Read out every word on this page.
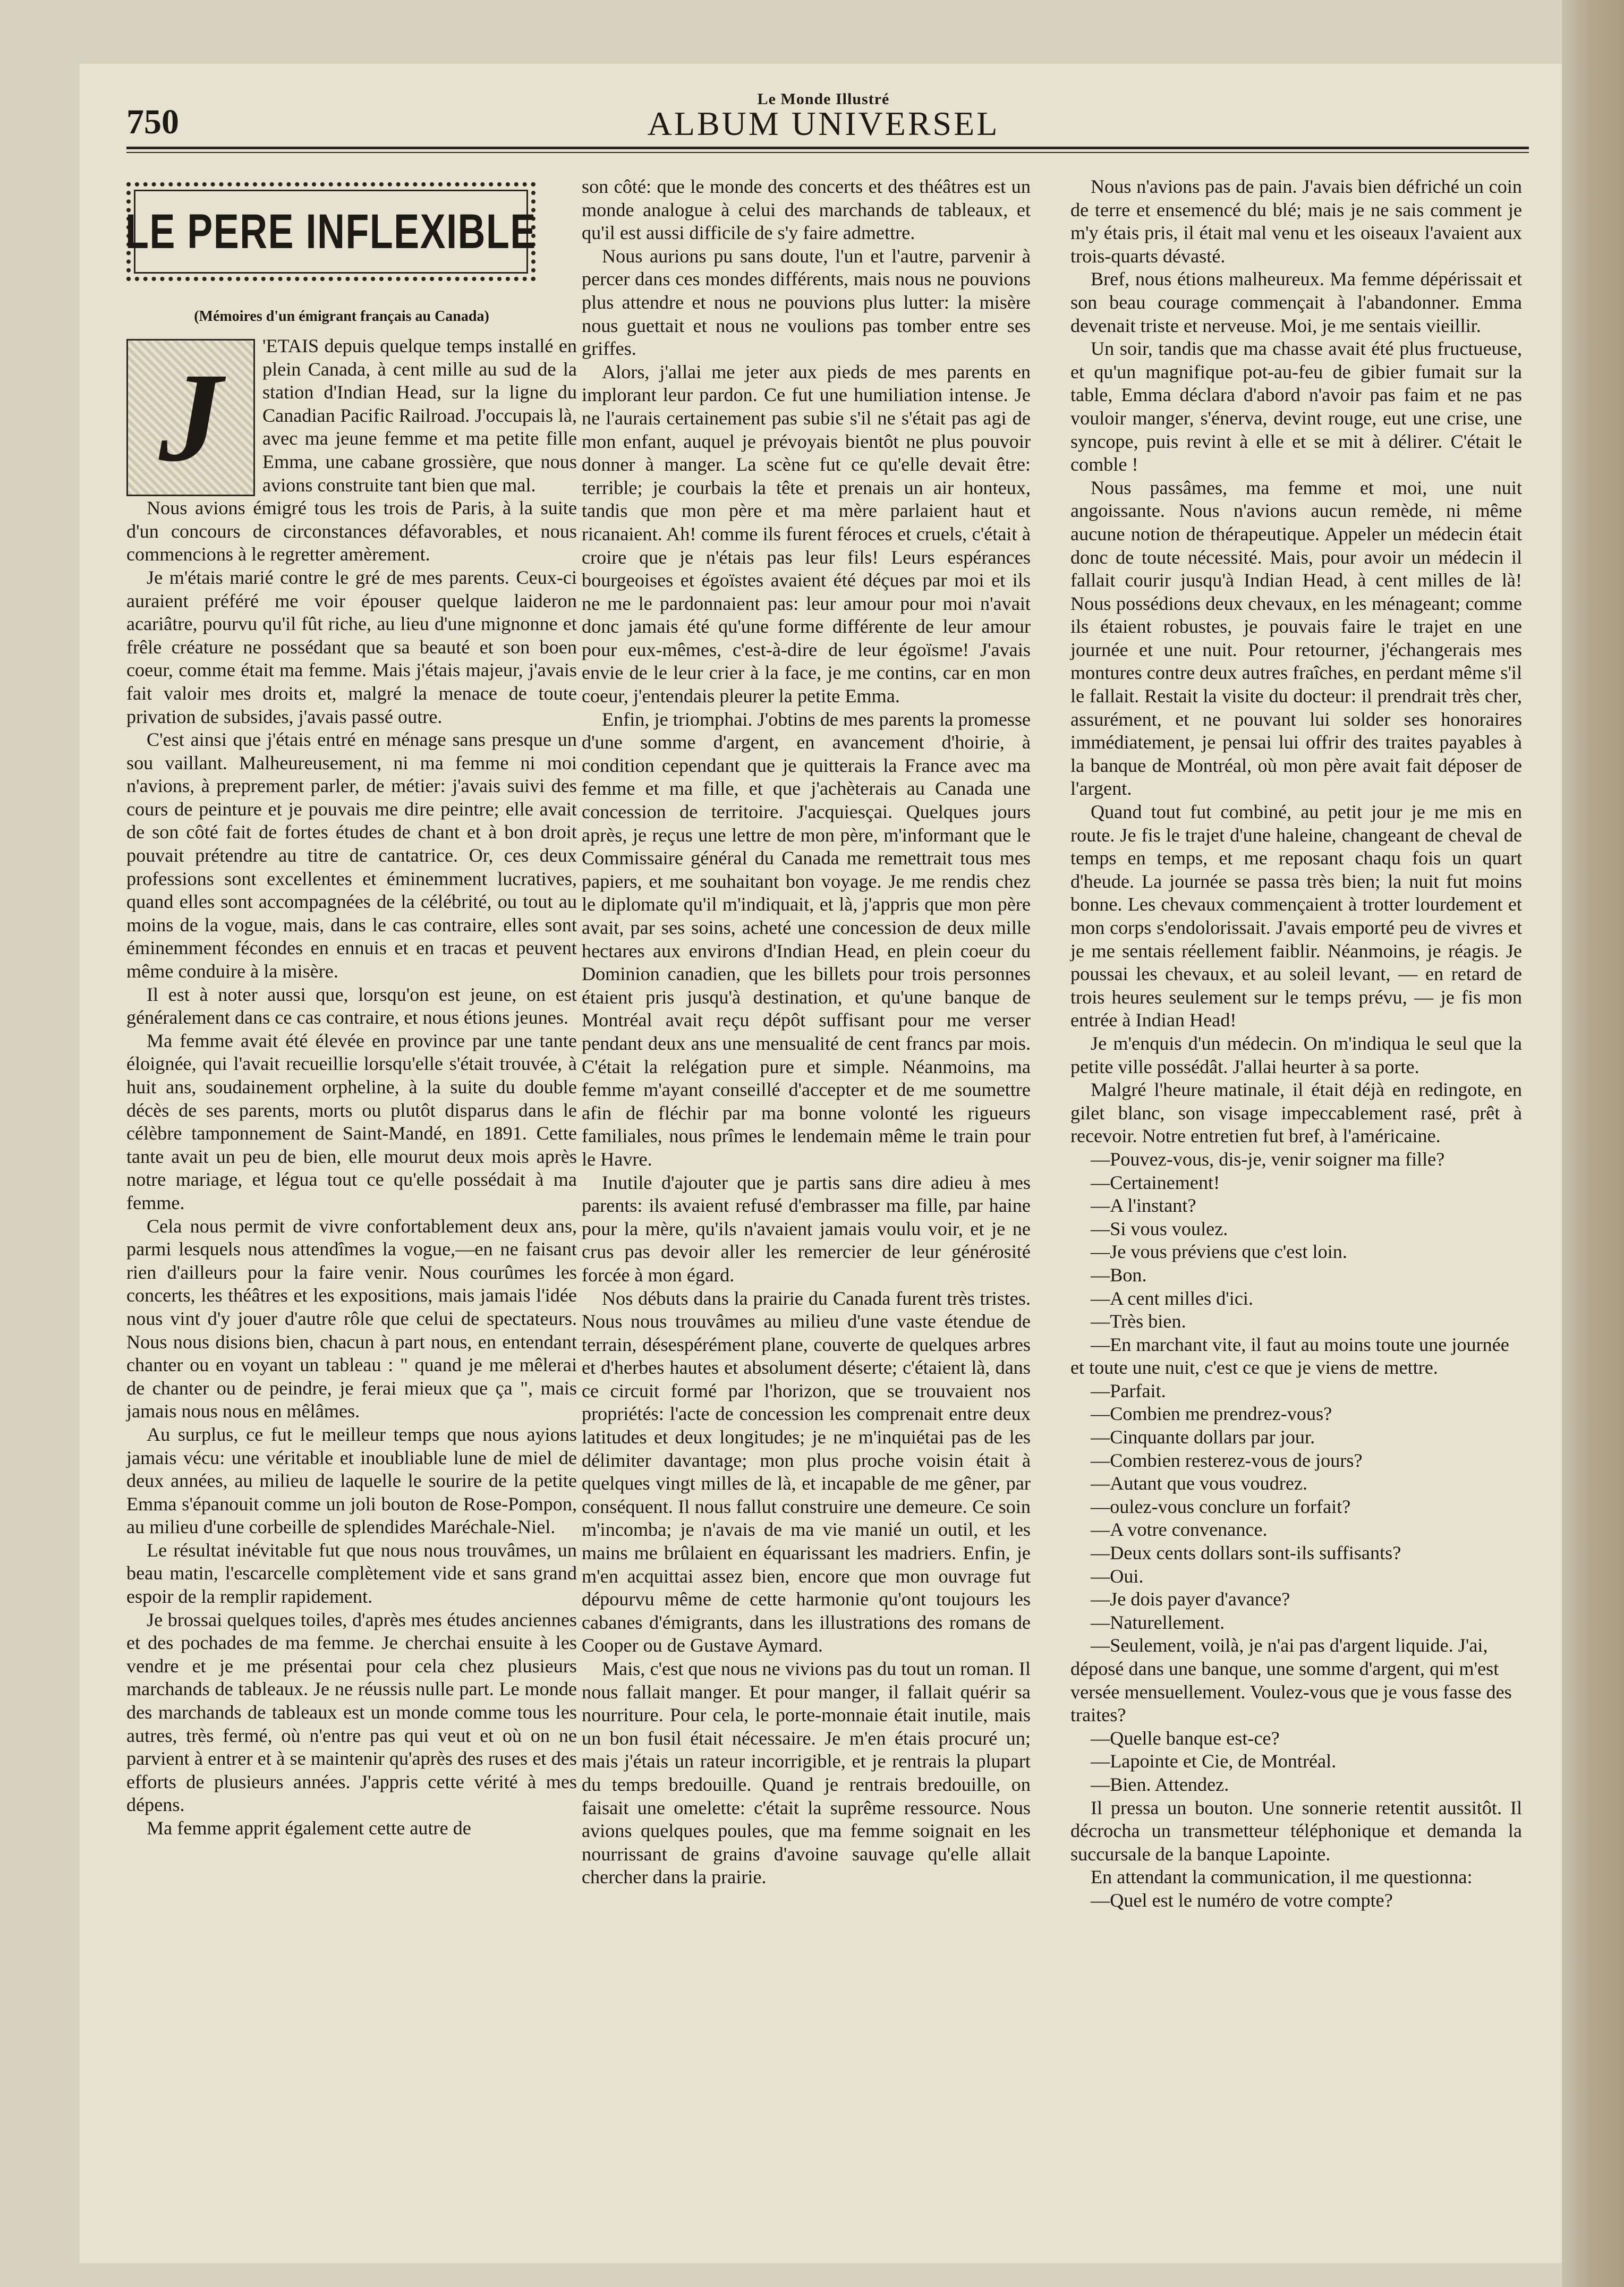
Le Monde Illustré
750	ALBUM UNIVERSEL
LE PERE INFLEXIBLE
(Mémoires d'un émigrant français au Canada)
J

'ETAIS depuis quelque temps installé en plein Canada, à cent mille au sud de la station d'Indian Head, sur la ligne du Canadian Pacific Railroad. J'occupais là, avec ma jeune femme et ma petite fille Emma, une cabane grossière, que nous avions construite tant bien que mal.

Nous avions émigré tous les trois de Paris, à la suite d'un concours de circonstances défavorables, et nous commencions à le regretter amèrement.

Je m'étais marié contre le gré de mes parents. Ceux-ci auraient préféré me voir épouser quelque laideron acariâtre, pourvu qu'il fût riche, au lieu d'une mignonne et frêle créature ne possédant que sa beauté et son boen coeur, comme était ma femme. Mais j'étais majeur, j'avais fait valoir mes droits et, malgré la menace de toute privation de subsides, j'avais passé outre.

C'est ainsi que j'étais entré en ménage sans presque un sou vaillant. Malheureusement, ni ma femme ni moi n'avions, à preprement parler, de métier: j'avais suivi des cours de peinture et je pouvais me dire peintre; elle avait de son côté fait de fortes études de chant et à bon droit pouvait prétendre au titre de cantatrice. Or, ces deux professions sont excellentes et éminemment lucratives, quand elles sont accompagnées de la célébrité, ou tout au moins de la vogue, mais, dans le cas contraire, elles sont éminemment fécondes en ennuis et en tracas et peuvent même conduire à la misère.

Il est à noter aussi que, lorsqu'on est jeune, on est généralement dans ce cas contraire, et nous étions jeunes.

Ma femme avait été élevée en province par une tante éloignée, qui l'avait recueillie lorsqu'elle s'était trouvée, à huit ans, soudainement orpheline, à la suite du double décès de ses parents, morts ou plutôt disparus dans le célèbre tamponnement de Saint-Mandé, en 1891. Cette tante avait un peu de bien, elle mourut deux mois après notre mariage, et légua tout ce qu'elle possédait à ma femme.

Cela nous permit de vivre confortablement deux ans, parmi lesquels nous attendîmes la vogue,—en ne faisant rien d'ailleurs pour la faire venir. Nous courûmes les concerts, les théâtres et les expositions, mais jamais l'idée nous vint d'y jouer d'autre rôle que celui de spectateurs. Nous nous disions bien, chacun à part nous, en entendant chanter ou en voyant un tableau : " quand je me mêlerai de chanter ou de peindre, je ferai mieux que ça ", mais jamais nous nous en mêlâmes.

Au surplus, ce fut le meilleur temps que nous ayions jamais vécu: une véritable et inoubliable lune de miel de deux années, au milieu de laquelle le sourire de la petite Emma s'épanouit comme un joli bouton de Rose-Pompon, au milieu d'une corbeille de splendides Maréchale-Niel.

Le résultat inévitable fut que nous nous trouvâmes, un beau matin, l'escarcelle complètement vide et sans grand espoir de la remplir rapidement.

Je brossai quelques toiles, d'après mes études anciennes et des pochades de ma femme. Je cherchai ensuite à les vendre et je me présentai pour cela chez plusieurs marchands de tableaux. Je ne réussis nulle part. Le monde des marchands de tableaux est un monde comme tous les autres, très fermé, où n'entre pas qui veut et où on ne parvient à entrer et à se maintenir qu'après des ruses et des efforts de plusieurs années. J'appris cette vérité à mes dépens.

Ma femme apprit également cette autre de

son côté: que le monde des concerts et des théâtres est un monde analogue à celui des marchands de tableaux, et qu'il est aussi difficile de s'y faire admettre.

Nous aurions pu sans doute, l'un et l'autre, parvenir à percer dans ces mondes différents, mais nous ne pouvions plus attendre et nous ne pouvions plus lutter: la misère nous guettait et nous ne voulions pas tomber entre ses griffes.

Alors, j'allai me jeter aux pieds de mes parents en implorant leur pardon. Ce fut une humiliation intense. Je ne l'aurais certainement pas subie s'il ne s'était pas agi de mon enfant, auquel je prévoyais bientôt ne plus pouvoir donner à manger. La scène fut ce qu'elle devait être: terrible; je courbais la tête et prenais un air honteux, tandis que mon père et ma mère parlaient haut et ricanaient. Ah! comme ils furent féroces et cruels, c'était à croire que je n'étais pas leur fils! Leurs espérances bourgeoises et égoïstes avaient été déçues par moi et ils ne me le pardonnaient pas: leur amour pour moi n'avait donc jamais été qu'une forme différente de leur amour pour eux-mêmes, c'est-à-dire de leur égoïsme! J'avais envie de le leur crier à la face, je me contins, car en mon coeur, j'entendais pleurer la petite Emma.

Enfin, je triomphai. J'obtins de mes parents la promesse d'une somme d'argent, en avancement d'hoirie, à condition cependant que je quitterais la France avec ma femme et ma fille, et que j'achèterais au Canada une concession de territoire. J'acquiesçai. Quelques jours après, je reçus une lettre de mon père, m'informant que le Commissaire général du Canada me remettrait tous mes papiers, et me souhaitant bon voyage. Je me rendis chez le diplomate qu'il m'indiquait, et là, j'appris que mon père avait, par ses soins, acheté une concession de deux mille hectares aux environs d'Indian Head, en plein coeur du Dominion canadien, que les billets pour trois personnes étaient pris jusqu'à destination, et qu'une banque de Montréal avait reçu dépôt suffisant pour me verser pendant deux ans une mensualité de cent francs par mois. C'était la relégation pure et simple. Néanmoins, ma femme m'ayant conseillé d'accepter et de me soumettre afin de fléchir par ma bonne volonté les rigueurs familiales, nous prîmes le lendemain même le train pour le Havre.

Inutile d'ajouter que je partis sans dire adieu à mes parents: ils avaient refusé d'embrasser ma fille, par haine pour la mère, qu'ils n'avaient jamais voulu voir, et je ne crus pas devoir aller les remercier de leur générosité forcée à mon égard.

Nos débuts dans la prairie du Canada furent très tristes. Nous nous trouvâmes au milieu d'une vaste étendue de terrain, désespérément plane, couverte de quelques arbres et d'herbes hautes et absolument déserte; c'étaient là, dans ce circuit formé par l'horizon, que se trouvaient nos propriétés: l'acte de concession les comprenait entre deux latitudes et deux longitudes; je ne m'inquiétai pas de les délimiter davantage; mon plus proche voisin était à quelques vingt milles de là, et incapable de me gêner, par conséquent. Il nous fallut construire une demeure. Ce soin m'incomba; je n'avais de ma vie manié un outil, et les mains me brûlaient en équarissant les madriers. Enfin, je m'en acquittai assez bien, encore que mon ouvrage fut dépourvu même de cette harmonie qu'ont toujours les cabanes d'émigrants, dans les illustrations des romans de Cooper ou de Gustave Aymard.

Mais, c'est que nous ne vivions pas du tout un roman. Il nous fallait manger. Et pour manger, il fallait quérir sa nourriture. Pour cela, le porte-monnaie était inutile, mais un bon fusil était nécessaire. Je m'en étais procuré un; mais j'étais un rateur incorrigible, et je rentrais la plupart du temps bredouille. Quand je rentrais bredouille, on faisait une omelette: c'était la suprême ressource. Nous avions quelques poules, que ma femme soignait en les nourrissant de grains d'avoine sauvage qu'elle allait chercher dans la prairie.

Nous n'avions pas de pain. J'avais bien défriché un coin de terre et ensemencé du blé; mais je ne sais comment je m'y étais pris, il était mal venu et les oiseaux l'avaient aux trois-quarts dévasté.

Bref, nous étions malheureux. Ma femme dépérissait et son beau courage commençait à l'abandonner. Emma devenait triste et nerveuse. Moi, je me sentais vieillir.

Un soir, tandis que ma chasse avait été plus fructueuse, et qu'un magnifique pot-au-feu de gibier fumait sur la table, Emma déclara d'abord n'avoir pas faim et ne pas vouloir manger, s'énerva, devint rouge, eut une crise, une syncope, puis revint à elle et se mit à délirer. C'était le comble !

Nous passâmes, ma femme et moi, une nuit angoissante. Nous n'avions aucun remède, ni même aucune notion de thérapeutique. Appeler un médecin était donc de toute nécessité. Mais, pour avoir un médecin il fallait courir jusqu'à Indian Head, à cent milles de là! Nous possédions deux chevaux, en les ménageant; comme ils étaient robustes, je pouvais faire le trajet en une journée et une nuit. Pour retourner, j'échangerais mes montures contre deux autres fraîches, en perdant même s'il le fallait. Restait la visite du docteur: il prendrait très cher, assurément, et ne pouvant lui solder ses honoraires immédiatement, je pensai lui offrir des traites payables à la banque de Montréal, où mon père avait fait déposer de l'argent.

Quand tout fut combiné, au petit jour je me mis en route. Je fis le trajet d'une haleine, changeant de cheval de temps en temps, et me reposant chaqu fois un quart d'heude. La journée se passa très bien; la nuit fut moins bonne. Les chevaux commençaient à trotter lourdement et mon corps s'endolorissait. J'avais emporté peu de vivres et je me sentais réellement faiblir. Néanmoins, je réagis. Je poussai les chevaux, et au soleil levant, — en retard de trois heures seulement sur le temps prévu, — je fis mon entrée à Indian Head!

Je m'enquis d'un médecin. On m'indiqua le seul que la petite ville possédât. J'allai heurter à sa porte.

Malgré l'heure matinale, il était déjà en redingote, en gilet blanc, son visage impeccablement rasé, prêt à recevoir. Notre entretien fut bref, à l'américaine.

—Pouvez-vous, dis-je, venir soigner ma fille?

—Certainement!

—A l'instant?

—Si vous voulez.

—Je vous préviens que c'est loin.

—Bon.

—A cent milles d'ici.

—Très bien.

—En marchant vite, il faut au moins toute une journée et toute une nuit, c'est ce que je viens de mettre.

—Parfait.

—Combien me prendrez-vous?

—Cinquante dollars par jour.

—Combien resterez-vous de jours?

—Autant que vous voudrez.

—oulez-vous conclure un forfait?

—A votre convenance.

—Deux cents dollars sont-ils suffisants?

—Oui.

—Je dois payer d'avance?

—Naturellement.

—Seulement, voilà, je n'ai pas d'argent liquide. J'ai, déposé dans une banque, une somme d'argent, qui m'est versée mensuellement. Voulez-vous que je vous fasse des traites?

—Quelle banque est-ce?

—Lapointe et Cie, de Montréal.

—Bien. Attendez.

Il pressa un bouton. Une sonnerie retentit aussitôt. Il décrocha un transmetteur téléphonique et demanda la succursale de la banque Lapointe.

En attendant la communication, il me questionna:

—Quel est le numéro de votre compte?
